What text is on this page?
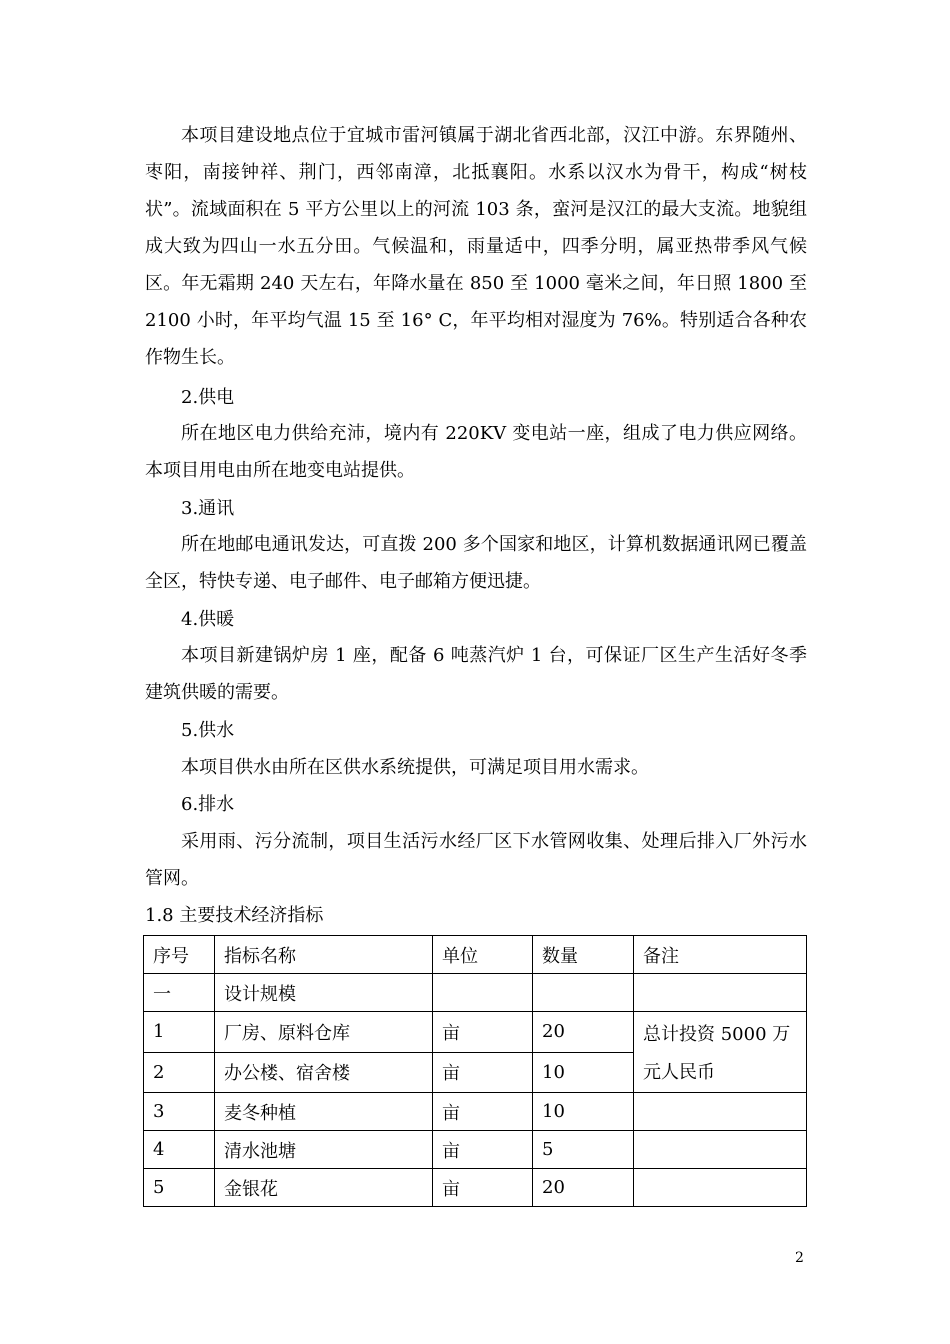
本项目建设地点位于宜城市雷河镇属于湖北省西北部，汉江中游。东界随州、枣阳，南接钟祥、荆门，西邻南漳，北抵襄阳。水系以汉水为骨干，构成“树枝状”。流域面积在 5 平方公里以上的河流 103 条，蛮河是汉江的最大支流。地貌组成大致为四山一水五分田。气候温和，雨量适中，四季分明，属亚热带季风气候区。年无霜期 240 天左右，年降水量在 850 至 1000 毫米之间，年日照 1800 至 2100 小时，年平均气温 15 至 16° C，年平均相对湿度为 76%。特别适合各种农作物生长。

2.供电

所在地区电力供给充沛，境内有 220KV 变电站一座，组成了电力供应网络。本项目用电由所在地变电站提供。

3.通讯

所在地邮电通讯发达，可直拨 200 多个国家和地区，计算机数据通讯网已覆盖全区，特快专递、电子邮件、电子邮箱方便迅捷。

4.供暖

本项目新建锅炉房 1 座，配备 6 吨蒸汽炉 1 台，可保证厂区生产生活好冬季建筑供暖的需要。

5.供水

本项目供水由所在区供水系统提供，可满足项目用水需求。

6.排水

采用雨、污分流制，项目生活污水经厂区下水管网收集、处理后排入厂外污水管网。

1.8 主要技术经济指标

序号	指标名称	单位	数量	备注
一	设计规模			
1	厂房、原料仓库	亩	20	总计投资 5000 万元人民币
2	办公楼、宿舍楼	亩	10	
3	麦冬种植	亩	10	
4	清水池塘	亩	5	
5	金银花	亩	20	
2
